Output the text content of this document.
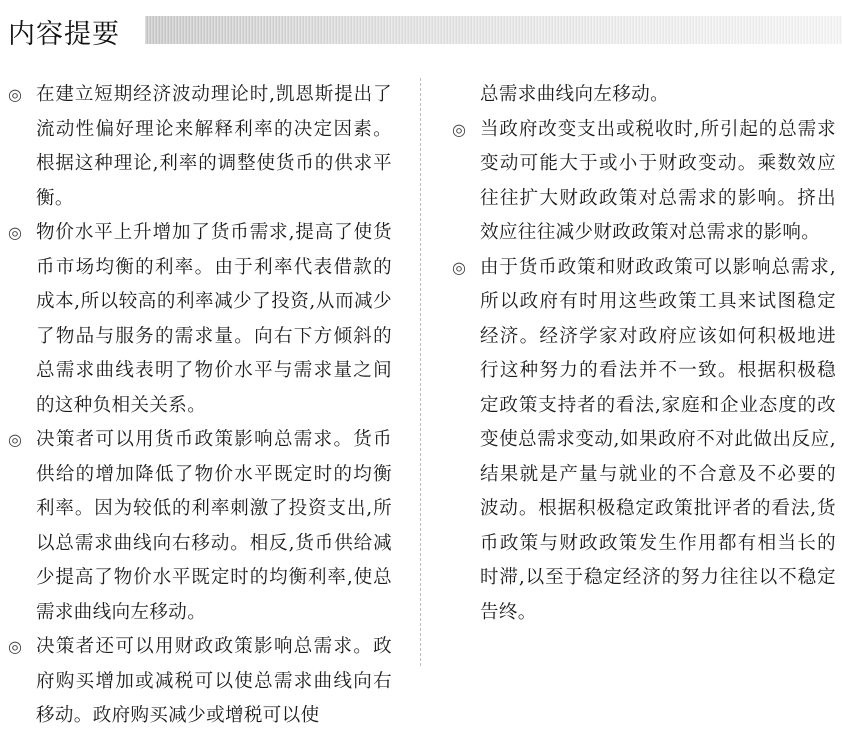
内容提要
◎ 在建立短期经济波动理论时,凯恩斯提出了流动性偏好理论来解释利率的决定因素。根据这种理论,利率的调整使货币的供求平衡。
◎ 物价水平上升增加了货币需求,提高了使货币市场均衡的利率。由于利率代表借款的成本,所以较高的利率减少了投资,从而减少了物品与服务的需求量。向右下方倾斜的总需求曲线表明了物价水平与需求量之间的这种负相关关系。
◎ 决策者可以用货币政策影响总需求。货币供给的增加降低了物价水平既定时的均衡利率。因为较低的利率刺激了投资支出,所以总需求曲线向右移动。相反,货币供给减少提高了物价水平既定时的均衡利率,使总需求曲线向左移动。
◎ 决策者还可以用财政政策影响总需求。政府购买增加或减税可以使总需求曲线向右移动。政府购买减少或增税可以使
总需求曲线向左移动。
◎ 当政府改变支出或税收时,所引起的总需求变动可能大于或小于财政变动。乘数效应往往扩大财政政策对总需求的影响。挤出效应往往减少财政政策对总需求的影响。
◎ 由于货币政策和财政政策可以影响总需求,所以政府有时用这些政策工具来试图稳定经济。经济学家对政府应该如何积极地进行这种努力的看法并不一致。根据积极稳定政策支持者的看法,家庭和企业态度的改变使总需求变动,如果政府不对此做出反应,结果就是产量与就业的不合意及不必要的波动。根据积极稳定政策批评者的看法,货币政策与财政政策发生作用都有相当长的时滞,以至于稳定经济的努力往往以不稳定告终。
